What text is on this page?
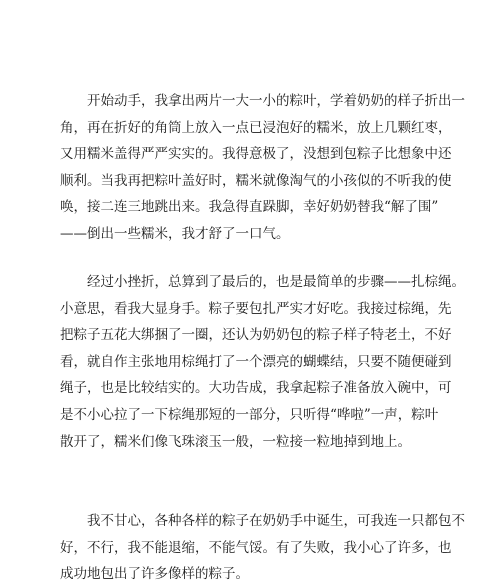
开始动手，我拿出两片一大一小的粽叶，学着奶奶的样子折出一
角，再在折好的角筒上放入一点已浸泡好的糯米，放上几颗红枣，
又用糯米盖得严严实实的。我得意极了，没想到包粽子比想象中还
顺利。当我再把粽叶盖好时，糯米就像淘气的小孩似的不听我的使
唤，接二连三地跳出来。我急得直跺脚，幸好奶奶替我“解了围”
——倒出一些糯米，我才舒了一口气。

经过小挫折，总算到了最后的，也是最简单的步骤——扎棕绳。
小意思，看我大显身手。粽子要包扎严实才好吃。我接过棕绳，先
把粽子五花大绑捆了一圈，还认为奶奶包的粽子样子特老土，不好
看，就自作主张地用棕绳打了一个漂亮的蝴蝶结，只要不随便碰到
绳子，也是比较结实的。大功告成，我拿起粽子准备放入碗中，可
是不小心拉了一下棕绳那短的一部分，只听得“哗啦”一声，粽叶
散开了，糯米们像飞珠滚玉一般，一粒接一粒地掉到地上。

我不甘心，各种各样的粽子在奶奶手中诞生，可我连一只都包不
好，不行，我不能退缩，不能气馁。有了失败，我小心了许多，也
成功地包出了许多像样的粽子。
